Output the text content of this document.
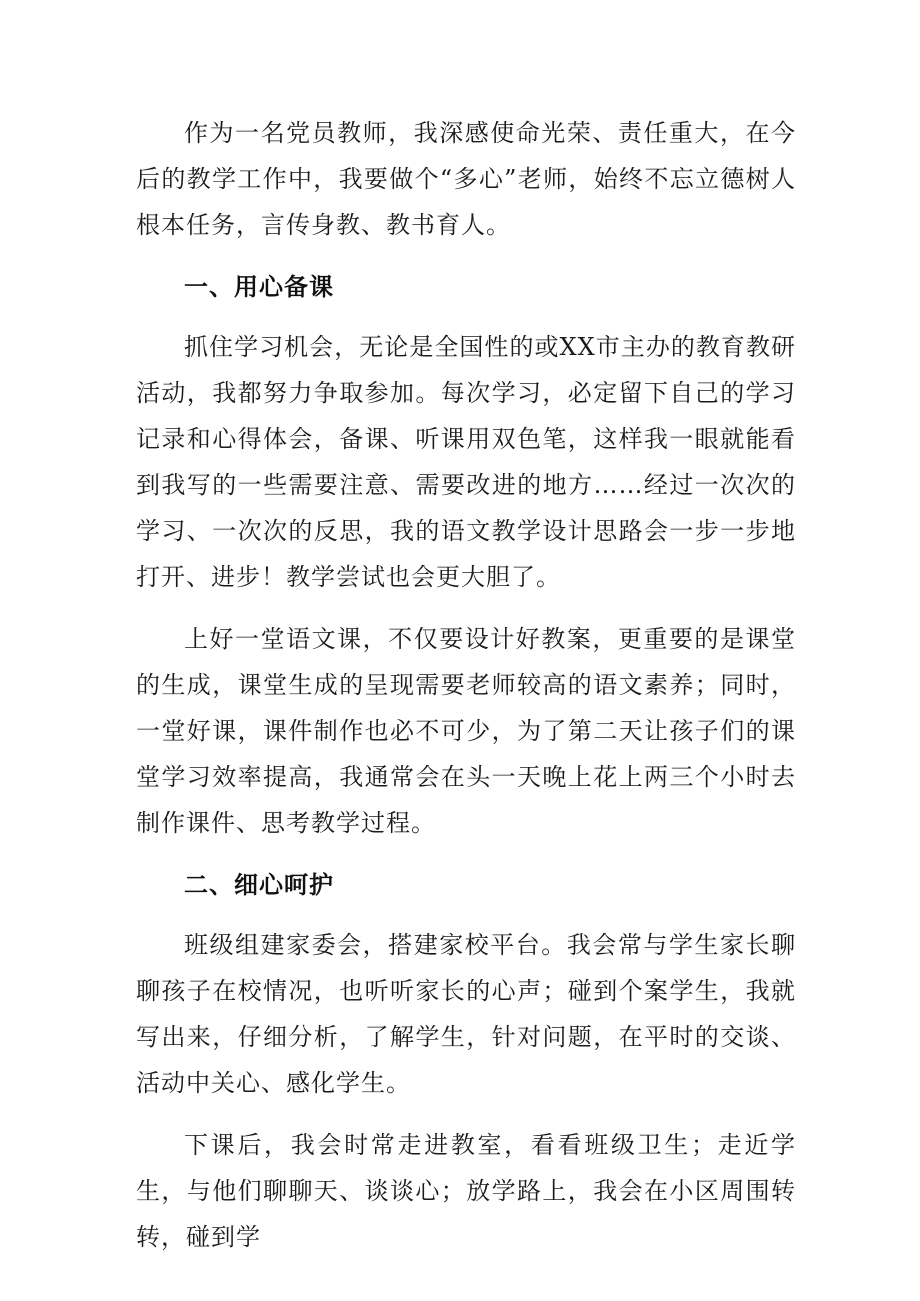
作为一名党员教师，我深感使命光荣、责任重大，在今后的教学工作中，我要做个“多心”老师，始终不忘立德树人根本任务，言传身教、教书育人。

一、用心备课

抓住学习机会，无论是全国性的或XX市主办的教育教研活动，我都努力争取参加。每次学习，必定留下自己的学习记录和心得体会，备课、听课用双色笔，这样我一眼就能看到我写的一些需要注意、需要改进的地方……经过一次次的学习、一次次的反思，我的语文教学设计思路会一步一步地打开、进步！教学尝试也会更大胆了。

上好一堂语文课，不仅要设计好教案，更重要的是课堂的生成，课堂生成的呈现需要老师较高的语文素养；同时，一堂好课，课件制作也必不可少，为了第二天让孩子们的课堂学习效率提高，我通常会在头一天晚上花上两三个小时去制作课件、思考教学过程。

二、细心呵护

班级组建家委会，搭建家校平台。我会常与学生家长聊聊孩子在校情况，也听听家长的心声；碰到个案学生，我就写出来，仔细分析，了解学生，针对问题，在平时的交谈、活动中关心、感化学生。

下课后，我会时常走进教室，看看班级卫生；走近学生，与他们聊聊天、谈谈心；放学路上，我会在小区周围转转，碰到学
